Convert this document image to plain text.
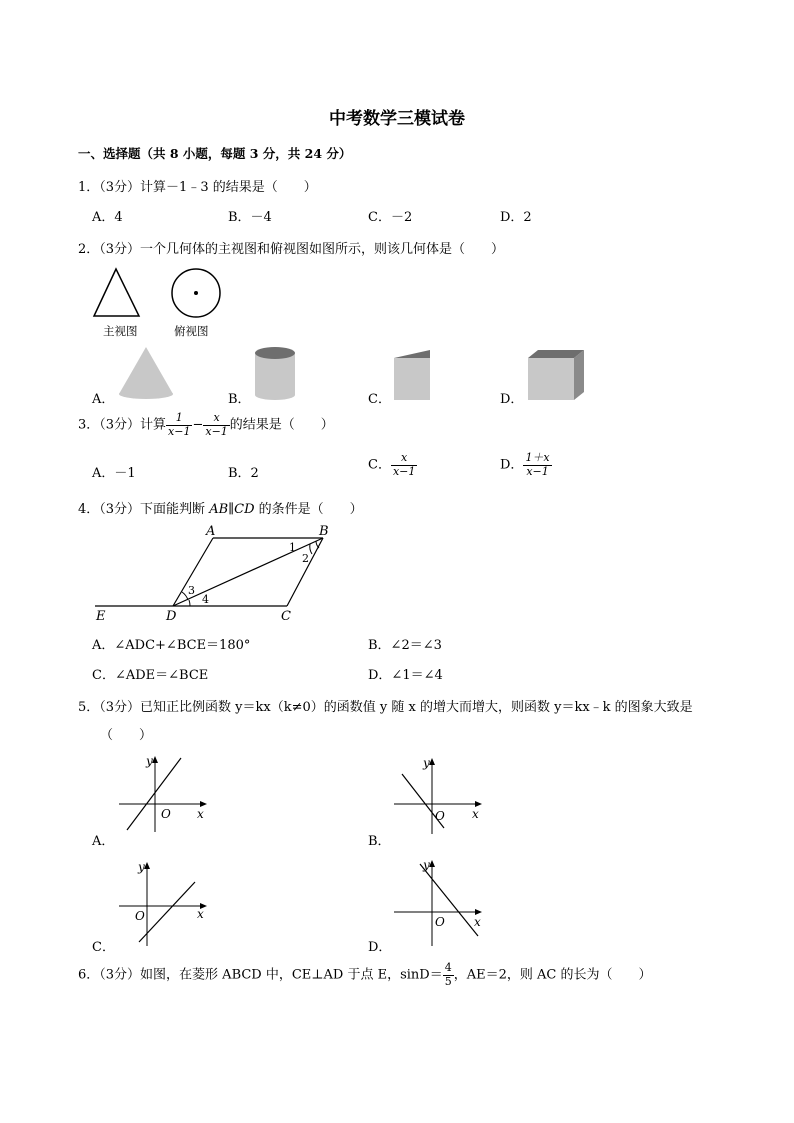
中考数学三模试卷
一、选择题（共 8 小题，每题 3 分，共 24 分）
1．（3分）计算－1﹣3 的结果是（　　）
A．4	B．－4	C．－2	D．2
2．（3分）一个几何体的主视图和俯视图如图所示，则该几何体是（　　）
主视图	俯视图
A．	B．	C．	D．
3．（3分）计算 $\frac{1}{x-1} - \frac{x}{x-1}$ 的结果是（　　）
A．－1	B．2
C． $\frac{x}{x-1}$	D． $\frac{1+x}{x-1}$
4．（3分）下面能判断 AB∥CD 的条件是（　　）
A	B
C
D
E
1
2
3
4
A．∠ADC+∠BCE＝180°	B．∠2＝∠3
C．∠ADE＝∠BCE	D．∠1＝∠4
5．（3分）已知正比例函数 y＝kx（k≠0）的函数值 y 随 x 的增大而增大，则函数 y＝kx﹣k 的图象大致是
（　　）
y
x
O
A．
y
x
O
B．
y
x
O
C．
y
x
O
D．
6．（3分）如图，在菱形 ABCD 中，CE⊥AD 于点 E，$\sin D= \frac{4}{5}$ ，AE＝2，则 AC 的长为（　　）
